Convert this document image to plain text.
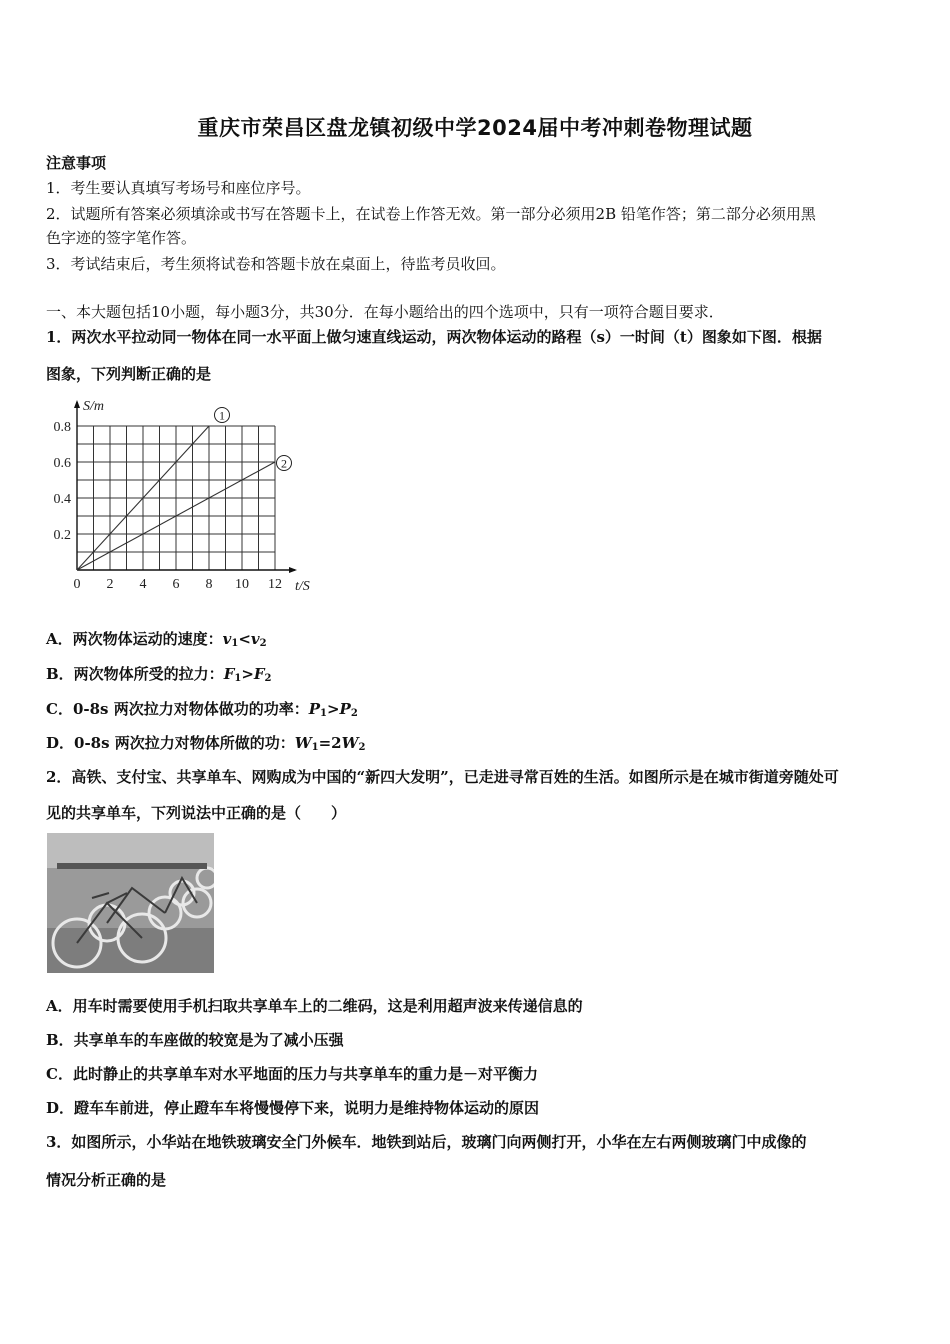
重庆市荣昌区盘龙镇初级中学2024届中考冲刺卷物理试题
注意事项
1．考生要认真填写考场号和座位序号。
2．试题所有答案必须填涂或书写在答题卡上，在试卷上作答无效。第一部分必须用2B 铅笔作答；第二部分必须用黑
色字迹的签字笔作答。
3．考试结束后，考生须将试卷和答题卡放在桌面上，待监考员收回。
一、本大题包括10小题，每小题3分，共30分．在每小题给出的四个选项中，只有一项符合题目要求．
1．两次水平拉动同一物体在同一水平面上做匀速直线运动，两次物体运动的路程（s）一时间（t）图象如下图．根据
图象，下列判断正确的是
1
2
0 2 4 6 8 10 12
0.2
0.4
0.6
0.8
S/m
t/S
A．两次物体运动的速度：$v_1<v_2$
B．两次物体所受的拉力：$F_1>F_2$
C．0-8s 两次拉力对物体做功的功率：$P_1>P_2$
D．0-8s 两次拉力对物体所做的功：$W_1=2W_2$
2．高铁、支付宝、共享单车、网购成为中国的“新四大发明”，已走进寻常百姓的生活。如图所示是在城市街道旁随处可
见的共享单车，下列说法中正确的是（　　）
A．用车时需要使用手机扫取共享单车上的二维码，这是利用超声波来传递信息的
B．共享单车的车座做的较宽是为了减小压强
C．此时静止的共享单车对水平地面的压力与共享单车的重力是－对平衡力
D．蹬车车前进，停止蹬车车将慢慢停下来，说明力是维持物体运动的原因
3．如图所示，小华站在地铁玻璃安全门外候车．地铁到站后，玻璃门向两侧打开，小华在左右两侧玻璃门中成像的
情况分析正确的是
